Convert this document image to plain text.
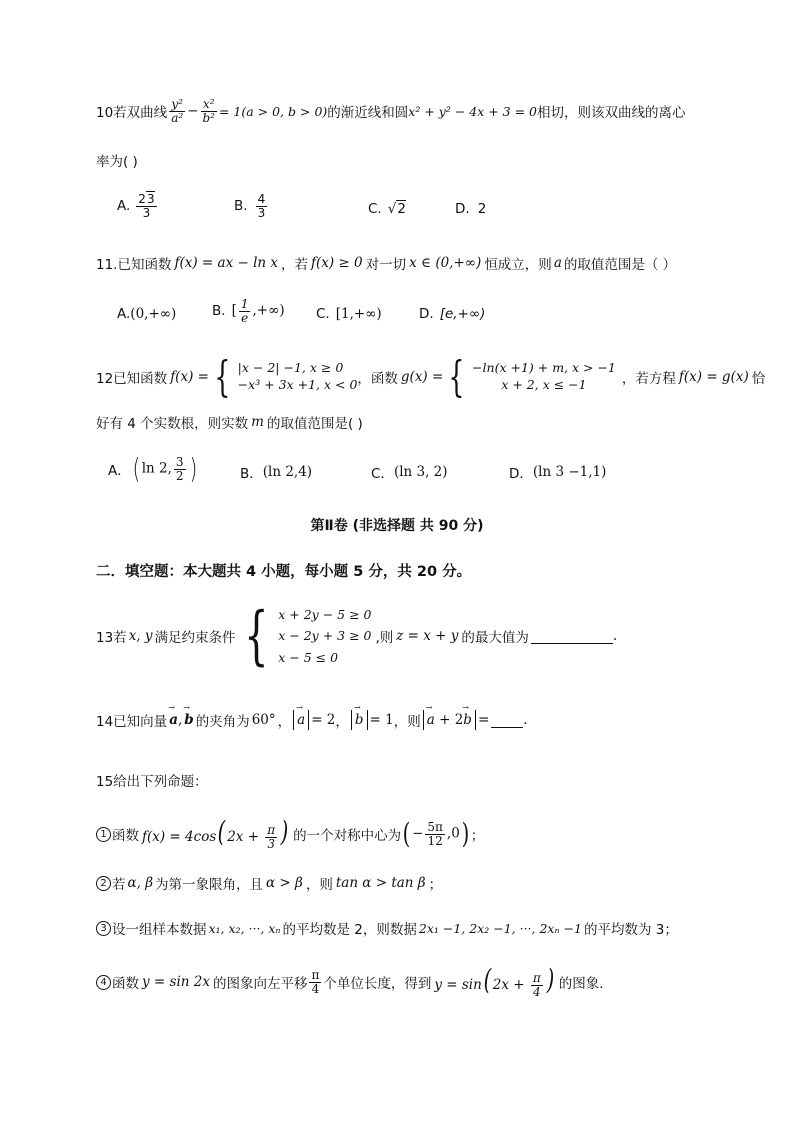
10若双曲线 $\frac{\text{y²}}{\text{a²}} - \frac{\text{x²}}{\text{b²}} = 1(a > 0$, b > 0) 的渐近线和圆 x² + y² − 4x + 3 = 0 相切，则该双曲线的离心
率为( )
A. $\frac{23}{3}$	B. $\frac{4}{3}$	C. √2	D. 2
11.已知函数 f(x) = ax − ln x ，若 f(x) ≥ 0 对一切 x ∈ (0,+∞) 恒成立，则 a 的取值范围是（ ）
A. (0,+∞)	B. [ $\frac{1}{e}$ ,+∞) C. [1,+∞)	D. [e,+∞)
12已知函数 f(x) = { |x − 2| −1, x ≥ 0
−x³ + 3x +1, x < 0 ，函数 g(x) = { −ln(x +1) + m, x > −1
x + 2, x ≤ −1	，若方程 f(x) = g(x) 恰
好有 4 个实数根，则实数 m 的取值范围是( )
A． ( ln 2, $\frac{3}{2}$ )	B． (ln 2,4)	C． (ln 3, 2)	D． (ln 3 −1,1)
第Ⅱ卷 (非选择题 共 90 分)
二．填空题：本大题共 4 小题，每小题 5 分，共 20 分。
13若 x, y 满足约束条件 { x + 2y − 5 ≥ 0
x − 2y + 3 ≥ 0
x − 5 ≤ 0
,则 z = x + y 的最大值为	.
14已知向量 → a, → b 的夹角为 60° ， → a = 2 ， → b = 1 ，则 → a + 2→ b =	.
15给出下列命题：
1 函数 f(x) = 4cos( $2x + \frac{\pi}{3}$ ) 的一个对称中心为 ( − $\frac{5\pi}{12} ,0$ ) ；
2 若 α, β 为第一象限角，且 α > β ，则 tan α > tan β ；
3 设一组样本数据 x₁, x₂, ···, xₙ 的平均数是 2，则数据 2x₁ −1, 2x₂ −1, ···, 2xₙ −1 的平均数为 3；
4 函数 y = sin 2x 的图象向左平移 $\frac{\pi}{4}$ 个单位长度，得到 y = sin( $2x + \frac{\pi}{4}$ ) 的图象.
